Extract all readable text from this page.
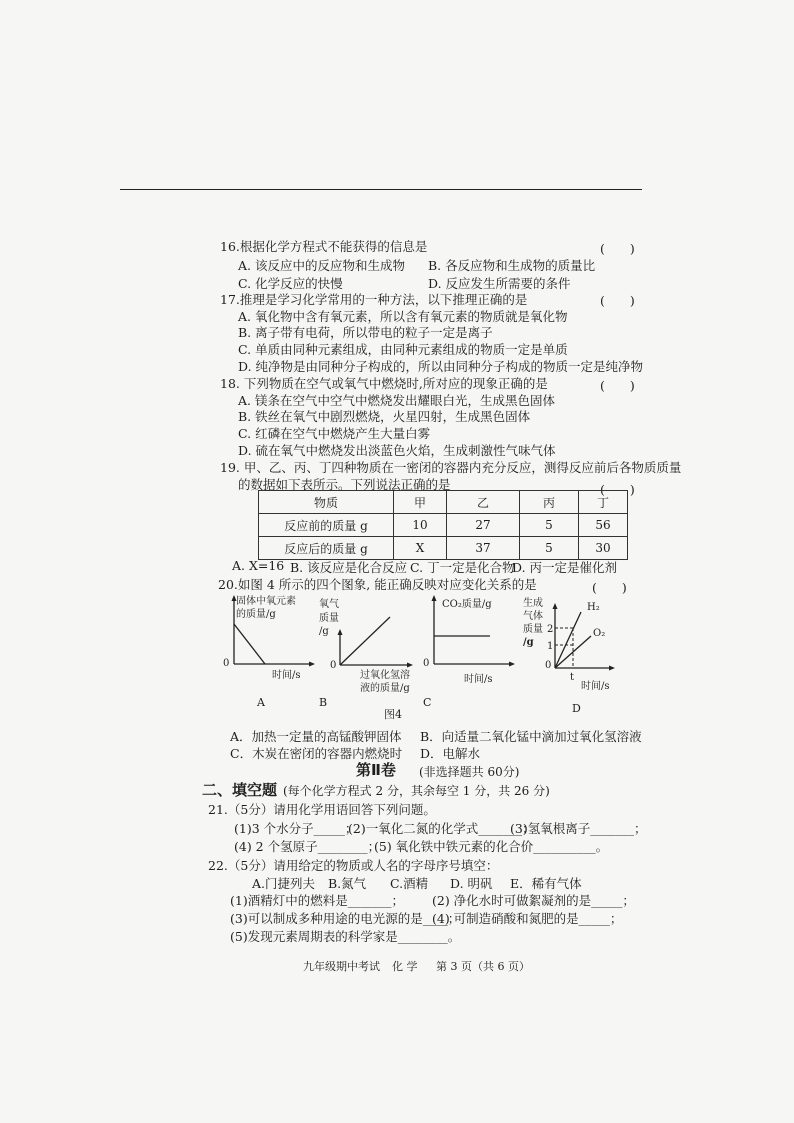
16.根据化学方程式不能获得的信息是	(　　)
A. 该反应中的反应物和生成物 B. 各反应物和生成物的质量比
C. 化学反应的快慢	D. 反应发生所需要的条件
17.推理是学习化学常用的一种方法，以下推理正确的是	(　　)
A. 氧化物中含有氧元素，所以含有氧元素的物质就是氧化物
B. 离子带有电荷，所以带电的粒子一定是离子
C. 单质由同种元素组成，由同种元素组成的物质一定是单质
D. 纯净物是由同种分子构成的，所以由同种分子构成的物质一定是纯净物
18. 下列物质在空气或氧气中燃烧时,所对应的现象正确的是	(　　)
A. 镁条在空气中空气中燃烧发出耀眼白光，生成黑色固体
B. 铁丝在氧气中剧烈燃烧，火星四射，生成黑色固体
C. 红磷在空气中燃烧产生大量白雾
D. 硫在氧气中燃烧发出淡蓝色火焰，生成刺激性气味气体
19. 甲、乙、丙、丁四种物质在一密闭的容器内充分反应，测得反应前后各物质质量
的数据如下表所示。下列说法正确的是	(　　)
物质	甲	乙	丙	丁
反应前的质量 g	10	27	5	56
反应后的质量 g	X	37	5	30
A. X=16 B. 该反应是化合反应 C. 丁一定是化合物
D. 丙一定是催化剂
20.如图 4 所示的四个图象, 能正确反映对应变化关系的是	(　　)
固体中氧元素
的质量/g
0
时间/s
A
氧气
质量
/g
0
过氧化氢溶
液的质量/g
B
CO₂质量/g
0
时间/s
C
生成
气体
质量
/g
2
1
0
t
时间/s
H₂
O₂
D
图4
A．加热一定量的高锰酸钾固体 B．向适量二氧化锰中滴加过氧化氢溶液
C．木炭在密闭的容器内燃烧时 D．电解水
第Ⅱ卷 (非选择题共 60分)
二、填空题 (每个化学方程式 2 分，其余每空 1 分，共 26 分)
21.（5分）请用化学用语回答下列问题。
(1)3 个水分子_____；
(2)一氧化二氮的化学式_______；
(3)氢氧根离子_______；
(4) 2 个氢原子________；
(5) 氧化铁中铁元素的化合价__________。
22.（5分）请用给定的物质或人名的字母序号填空：
A.门捷列夫 B.氮气 C.酒精 D. 明矾 E．稀有气体
(1)酒精灯中的燃料是_______； (2) 净化水时可做絮凝剂的是_____；
(3)可以制成多种用途的电光源的是____；
(4) 可制造硝酸和氮肥的是_____；
(5)发现元素周期表的科学家是________。
九年级期中考试 化 学 第 3 页（共 6 页）
